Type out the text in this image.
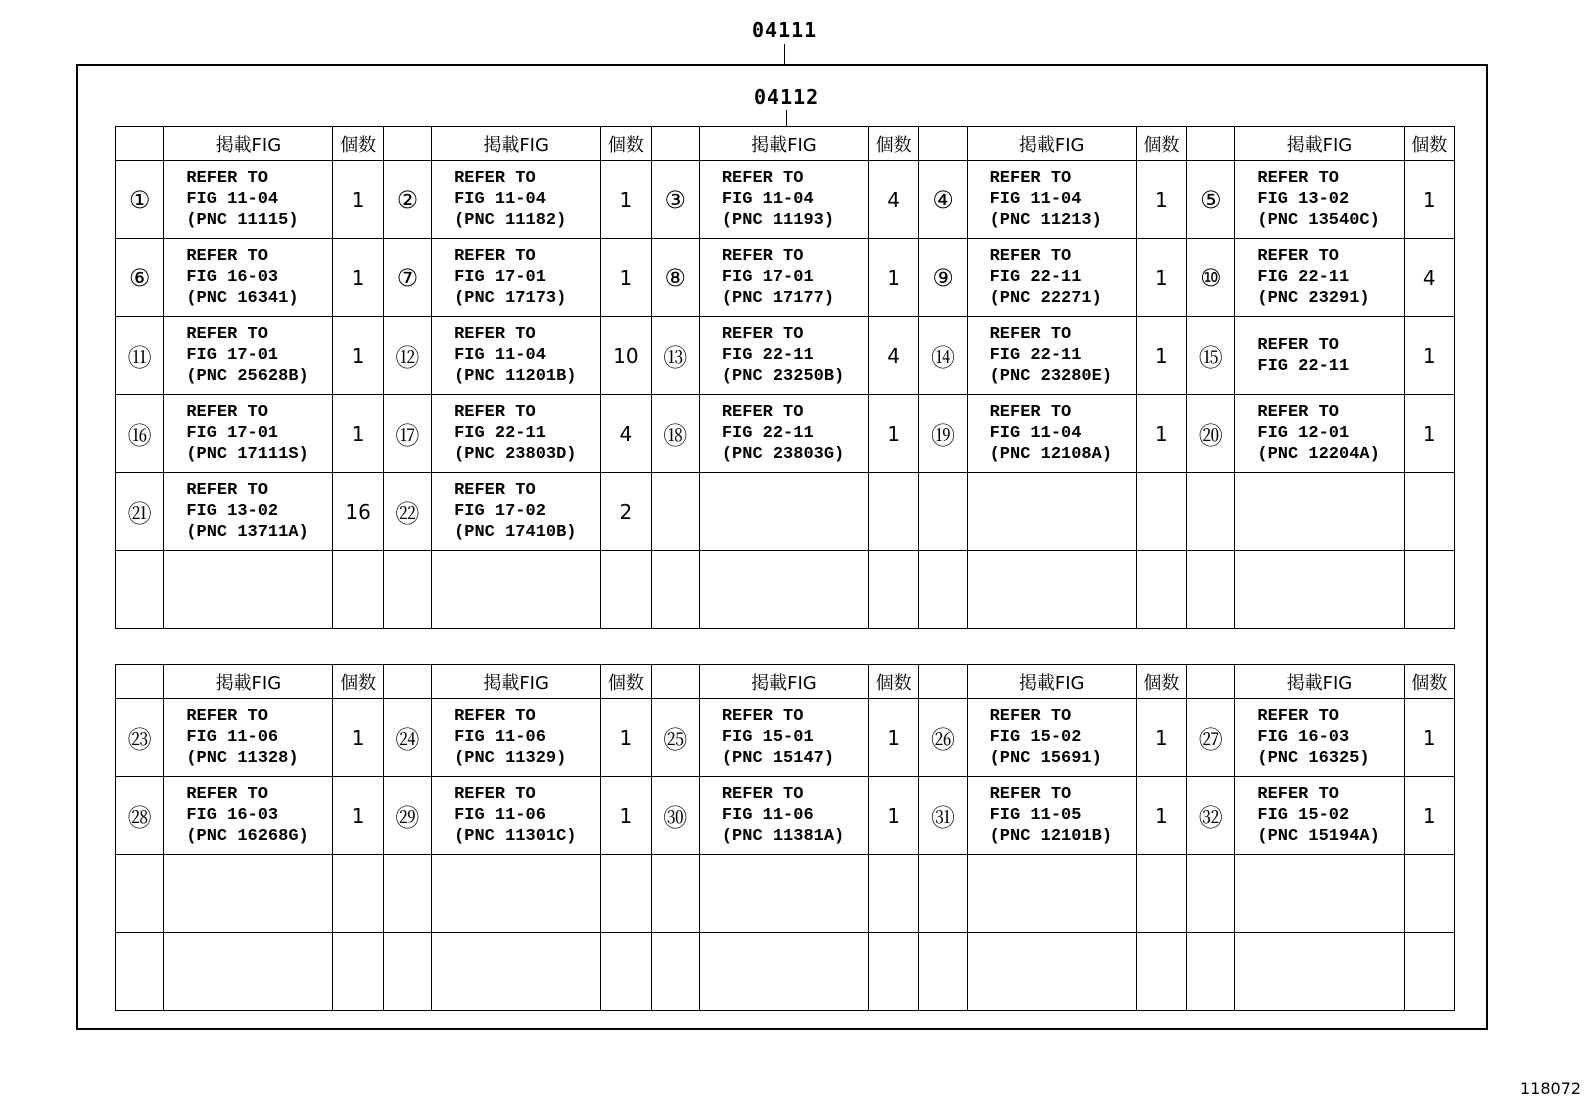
04111
04112
	掲載FIG	個数		掲載FIG	個数		掲載FIG	個数		掲載FIG	個数		掲載FIG	個数
①	REFER TO
FIG 11-04
(PNC 11115)	1	②	REFER TO
FIG 11-04
(PNC 11182)	1	③	REFER TO
FIG 11-04
(PNC 11193)	4	④	REFER TO
FIG 11-04
(PNC 11213)	1	⑤	REFER TO
FIG 13-02
(PNC 13540C)	1
⑥	REFER TO
FIG 16-03
(PNC 16341)	1	⑦	REFER TO
FIG 17-01
(PNC 17173)	1	⑧	REFER TO
FIG 17-01
(PNC 17177)	1	⑨	REFER TO
FIG 22-11
(PNC 22271)	1	⑩	REFER TO
FIG 22-11
(PNC 23291)	4
⑪	REFER TO
FIG 17-01
(PNC 25628B)	1	⑫	REFER TO
FIG 11-04
(PNC 11201B)	10	⑬	REFER TO
FIG 22-11
(PNC 23250B)	4	⑭	REFER TO
FIG 22-11
(PNC 23280E)	1	⑮	REFER TO
FIG 22-11	1
⑯	REFER TO
FIG 17-01
(PNC 17111S)	1	⑰	REFER TO
FIG 22-11
(PNC 23803D)	4	⑱	REFER TO
FIG 22-11
(PNC 23803G)	1	⑲	REFER TO
FIG 11-04
(PNC 12108A)	1	⑳	REFER TO
FIG 12-01
(PNC 12204A)	1
㉑	REFER TO
FIG 13-02
(PNC 13711A)	16	㉒	REFER TO
FIG 17-02
(PNC 17410B)	2									

	掲載FIG	個数		掲載FIG	個数		掲載FIG	個数		掲載FIG	個数		掲載FIG	個数
㉓	REFER TO
FIG 11-06
(PNC 11328)	1	㉔	REFER TO
FIG 11-06
(PNC 11329)	1	㉕	REFER TO
FIG 15-01
(PNC 15147)	1	㉖	REFER TO
FIG 15-02
(PNC 15691)	1	㉗	REFER TO
FIG 16-03
(PNC 16325)	1
㉘	REFER TO
FIG 16-03
(PNC 16268G)	1	㉙	REFER TO
FIG 11-06
(PNC 11301C)	1	㉚	REFER TO
FIG 11-06
(PNC 11381A)	1	㉛	REFER TO
FIG 11-05
(PNC 12101B)	1	㉜	REFER TO
FIG 15-02
(PNC 15194A)	1

118072
